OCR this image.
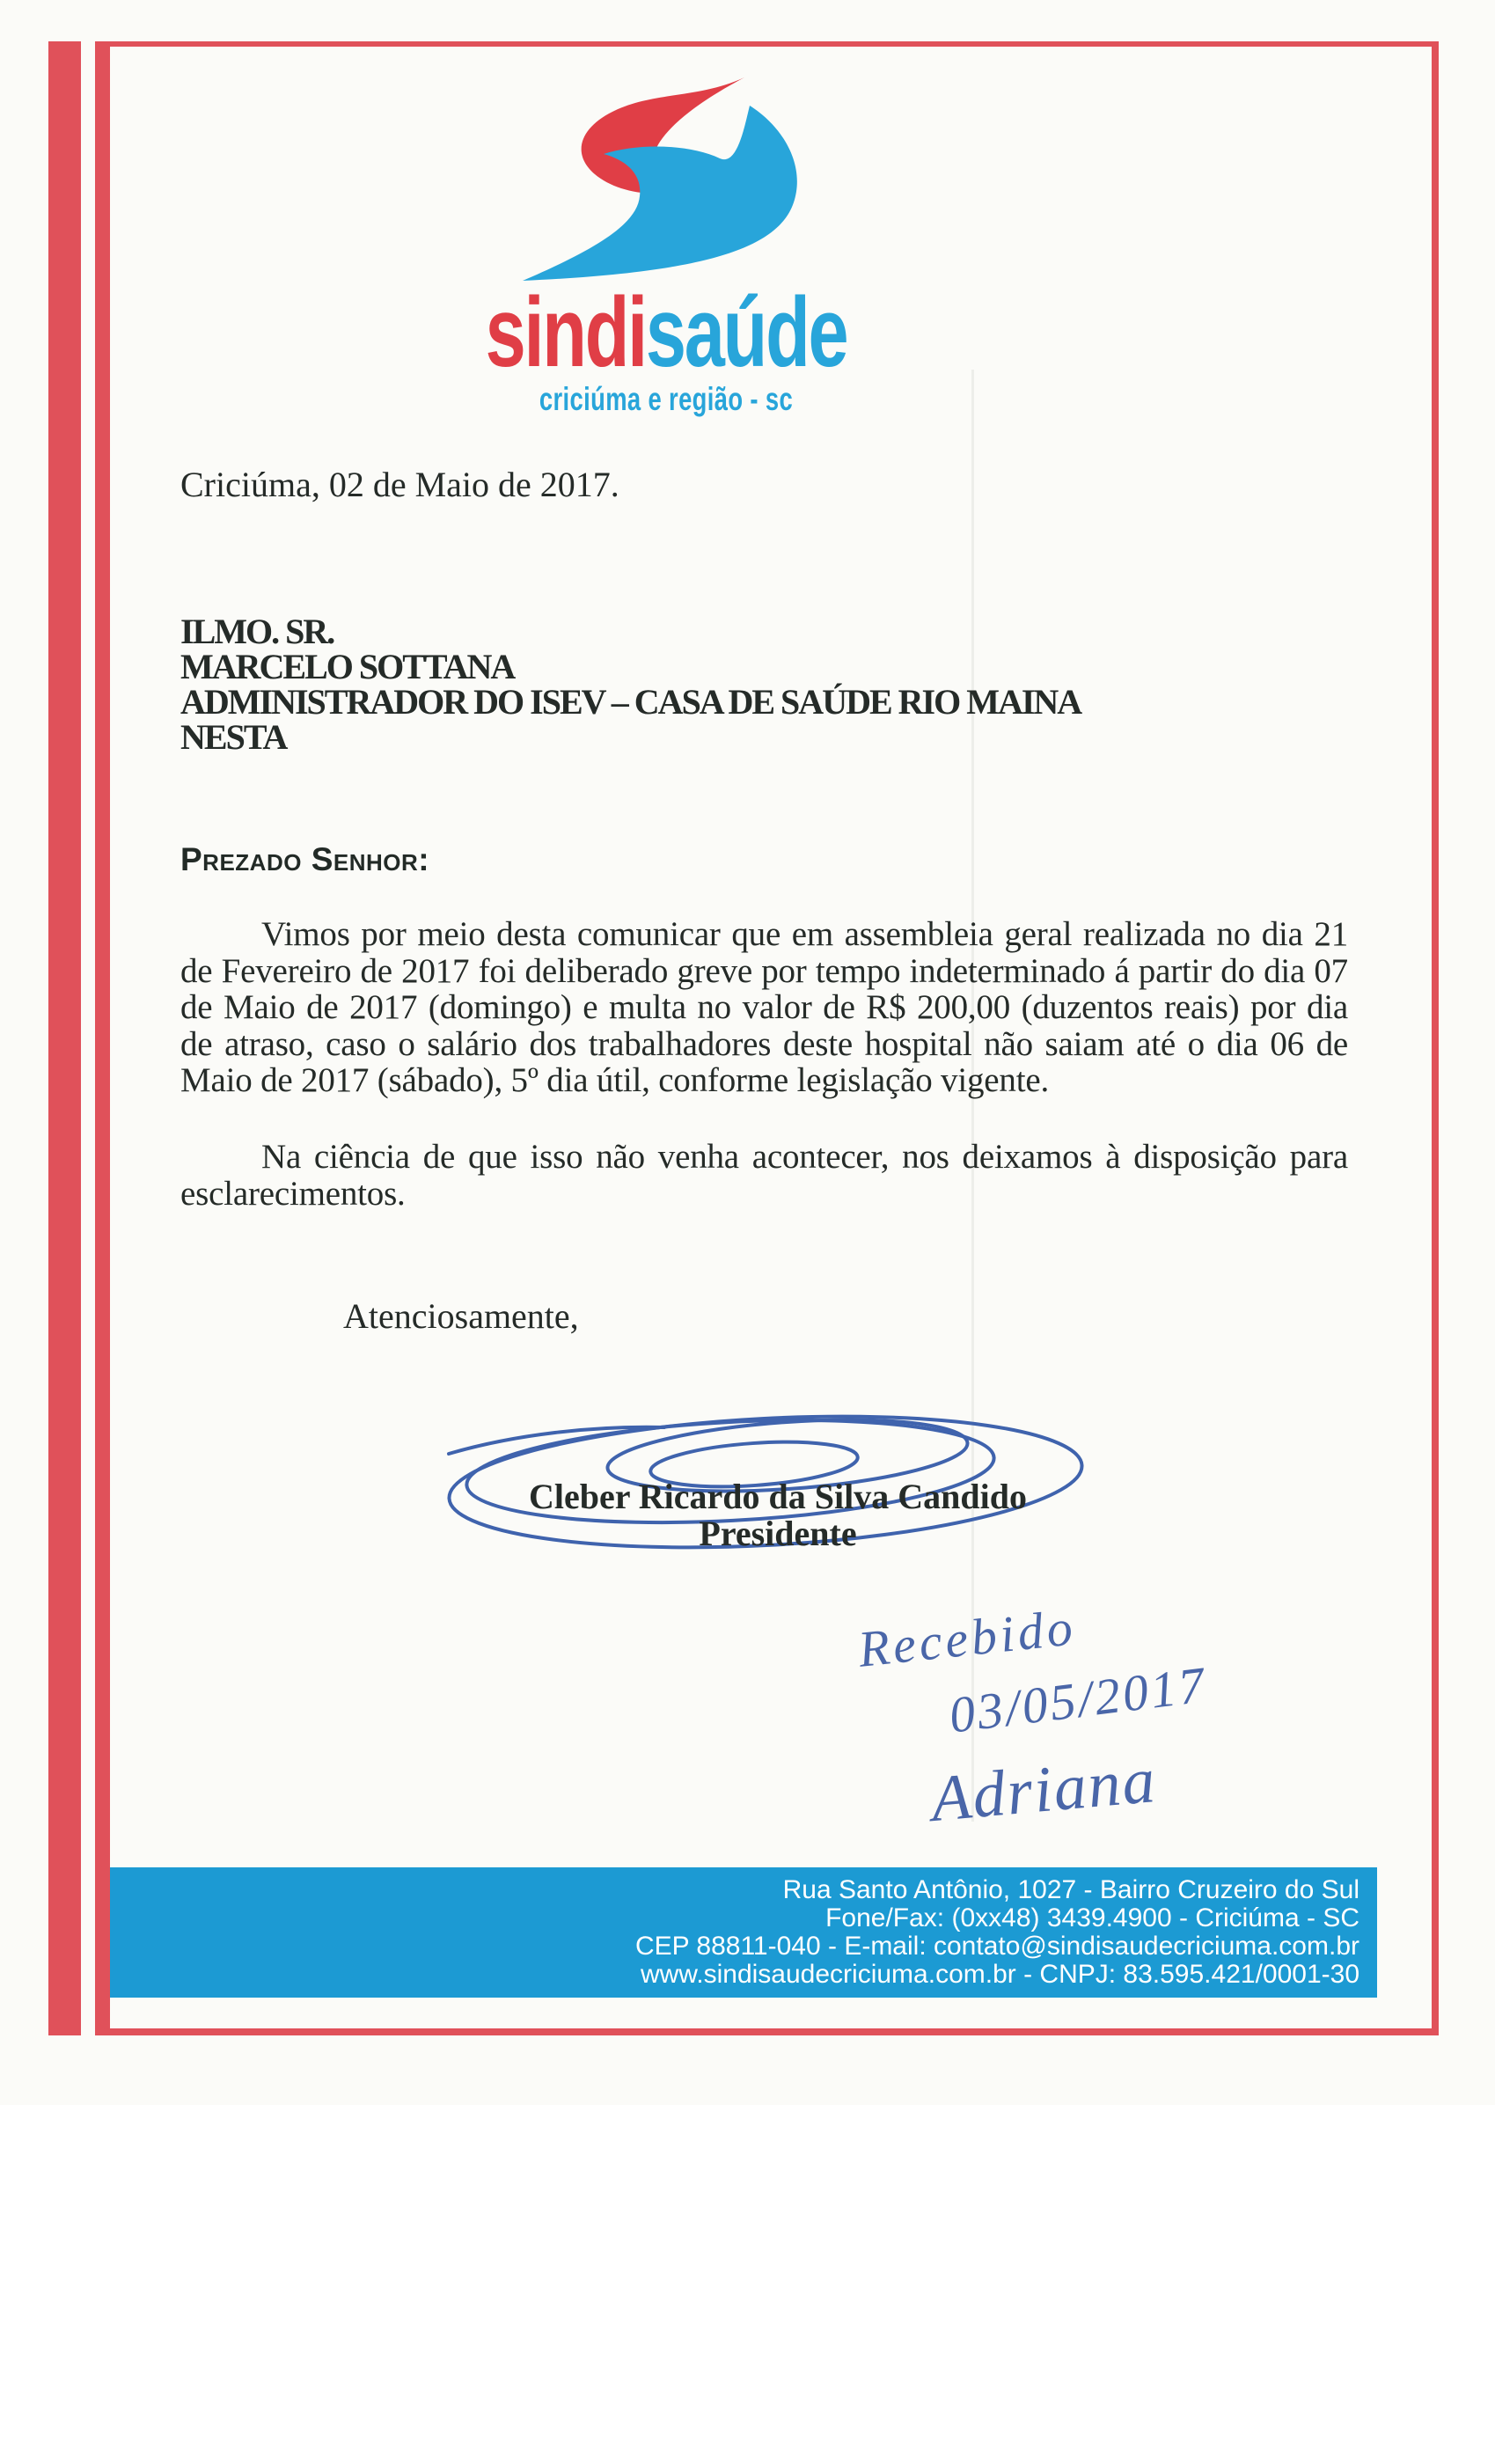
sindisaúde
criciúma e região - sc
Criciúma, 02 de Maio de 2017.
ILMO. SR.
MARCELO SOTTANA
ADMINISTRADOR DO ISEV – CASA DE SAÚDE RIO MAINA
NESTA
Prezado Senhor:
Vimos por meio desta comunicar que em assembleia geral realizada no dia 21 de Fevereiro de 2017 foi deliberado greve por tempo indeterminado á partir do dia 07 de Maio de 2017 (domingo) e multa no valor de R$ 200,00 (duzentos reais) por dia de atraso, caso o salário dos trabalhadores deste hospital não saiam até o dia 06 de Maio de 2017 (sábado), 5º dia útil, conforme legislação vigente.
Na ciência de que isso não venha acontecer, nos deixamos à disposição para esclarecimentos.
Atenciosamente,
Cleber Ricardo da Silva Candido
Presidente
Recebido
03/05/2017
Adriana
Rua Santo Antônio, 1027 - Bairro Cruzeiro do Sul
Fone/Fax: (0xx48) 3439.4900 - Criciúma - SC
CEP 88811-040 - E-mail: contato@sindisaudecriciuma.com.br
www.sindisaudecriciuma.com.br - CNPJ: 83.595.421/0001-30
